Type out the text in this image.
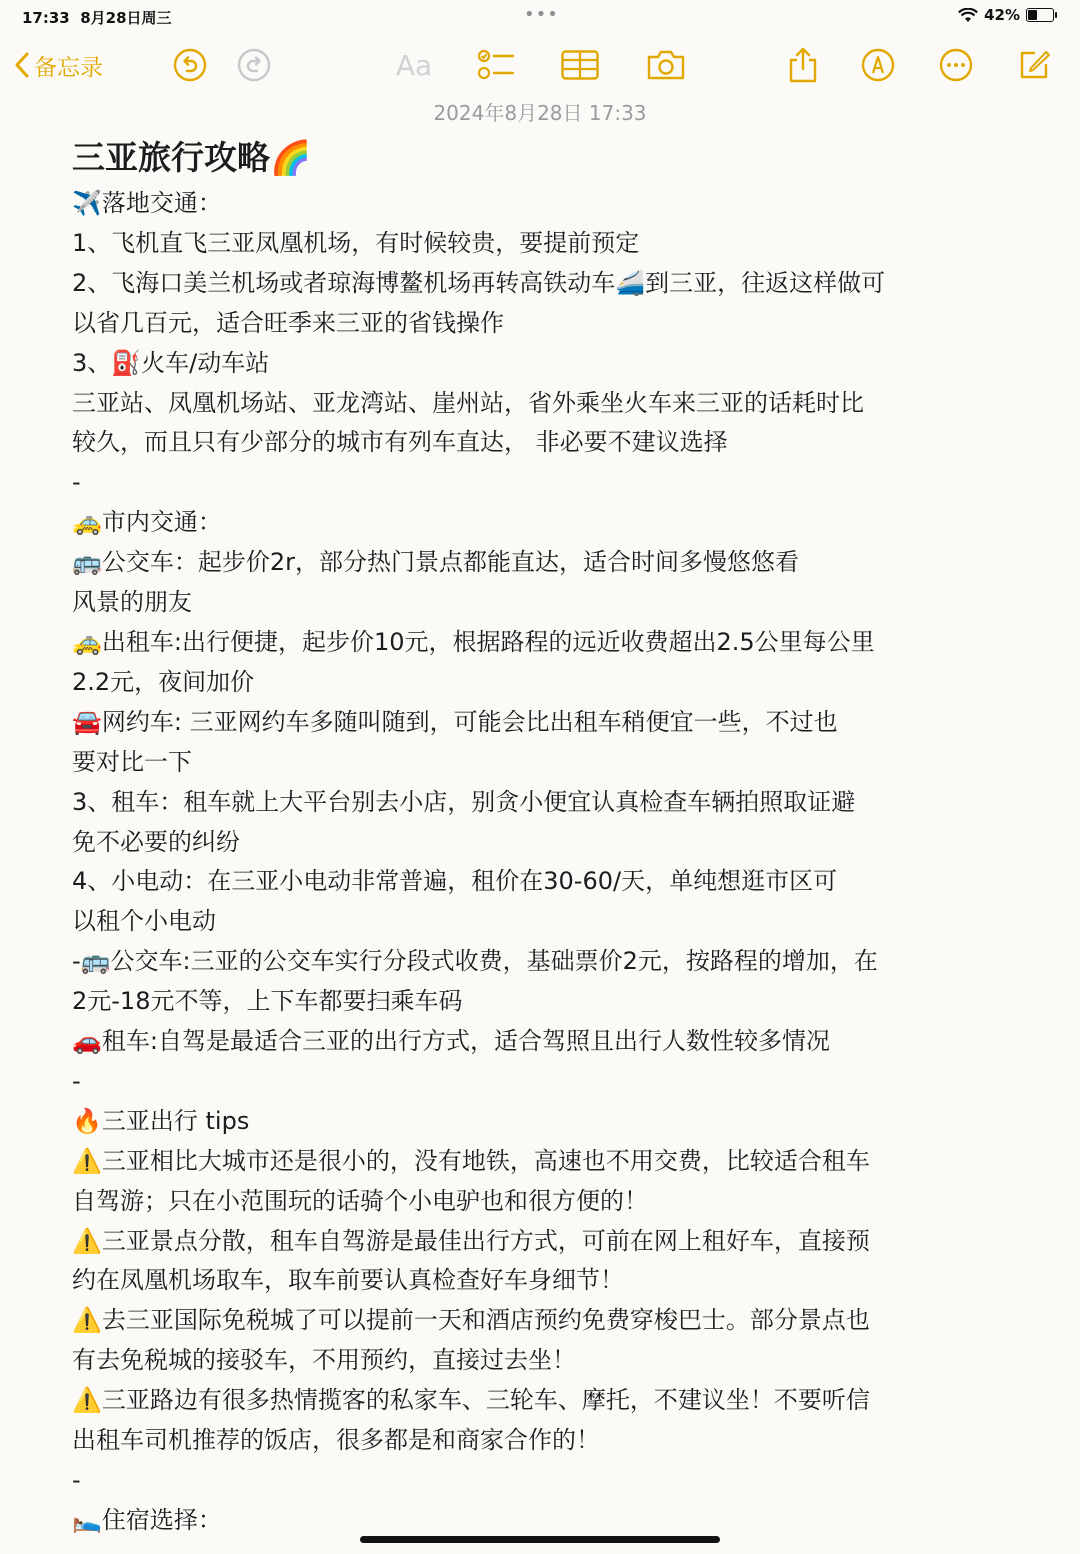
17:33 8月28日周三	•••	42%
备忘录	Aa
2024年8月28日 17:33
三亚旅行攻略🌈
✈️落地交通：
1、飞机直飞三亚凤凰机场，有时候较贵，要提前预定
2、飞海口美兰机场或者琼海博鳌机场再转高铁动车🚄到三亚，往返这样做可
以省几百元，适合旺季来三亚的省钱操作
3、⛽火车/动车站
三亚站、凤凰机场站、亚龙湾站、崖州站，省外乘坐火车来三亚的话耗时比
较久，而且只有少部分的城市有列车直达， 非必要不建议选择
-
🚕市内交通：
🚌公交车：起步价2r，部分热门景点都能直达，适合时间多慢悠悠看
风景的朋友
🚕出租车:出行便捷，起步价10元，根据路程的远近收费超出2.5公里每公里
2.2元，夜间加价
🚘网约车: 三亚网约车多随叫随到，可能会比出租车稍便宜一些，不过也
要对比一下
3、租车：租车就上大平台别去小店，别贪小便宜认真检查车辆拍照取证避
免不必要的纠纷
4、小电动：在三亚小电动非常普遍，租价在30-60/天，单纯想逛市区可
以租个小电动
-🚌公交车:三亚的公交车实行分段式收费，基础票价2元，按路程的增加，在
2元-18元不等，上下车都要扫乘车码
🚗租车:自驾是最适合三亚的出行方式，适合驾照且出行人数性较多情况
-
🔥三亚出行 tips
⚠️三亚相比大城市还是很小的，没有地铁，高速也不用交费，比较适合租车
自驾游；只在小范围玩的话骑个小电驴也和很方便的！
⚠️三亚景点分散，租车自驾游是最佳出行方式，可前在网上租好车，直接预
约在凤凰机场取车，取车前要认真检查好车身细节！
⚠️去三亚国际免税城了可以提前一天和酒店预约免费穿梭巴士。部分景点也
有去免税城的接驳车，不用预约，直接过去坐！
⚠️三亚路边有很多热情揽客的私家车、三轮车、摩托，不建议坐！不要听信
出租车司机推荐的饭店，很多都是和商家合作的！
-
🛌住宿选择：
